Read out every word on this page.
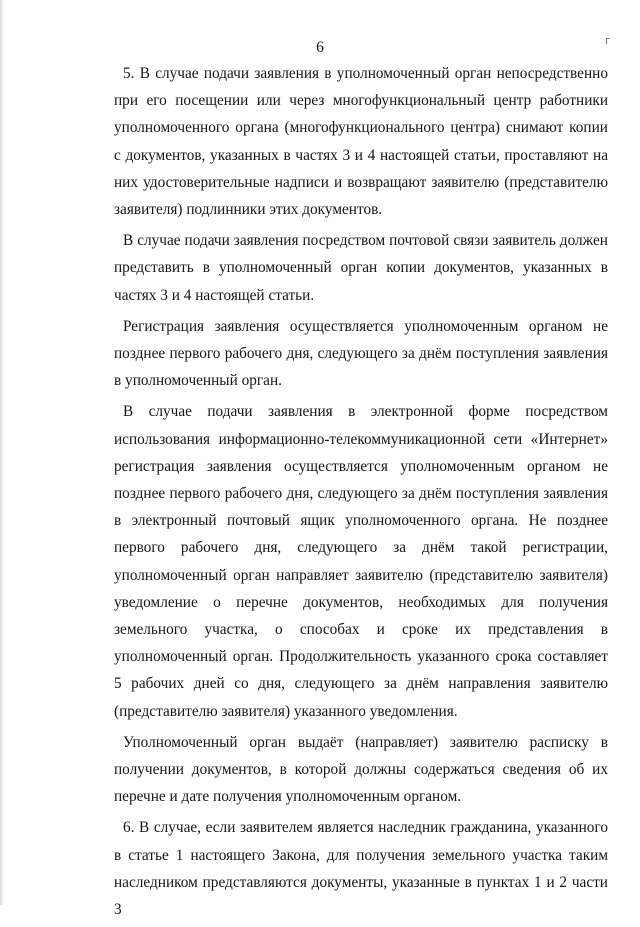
6

5. В случае подачи заявления в уполномоченный орган непосредственно при его посещении или через многофункциональный центр работники уполномоченного органа (многофункционального центра) снимают копии с документов, указанных в частях 3 и 4 настоящей статьи, проставляют на них удостоверительные надписи и возвращают заявителю (представителю заявителя) подлинники этих документов.

В случае подачи заявления посредством почтовой связи заявитель должен представить в уполномоченный орган копии документов, указанных в частях 3 и 4 настоящей статьи.

Регистрация заявления осуществляется уполномоченным органом не позднее первого рабочего дня, следующего за днём поступления заявления в уполномоченный орган.

В случае подачи заявления в электронной форме посредством использования информационно-телекоммуникационной сети «Интернет» регистрация заявления осуществляется уполномоченным органом не позднее первого рабочего дня, следующего за днём поступления заявления в электронный почтовый ящик уполномоченного органа. Не позднее первого рабочего дня, следующего за днём такой регистрации, уполномоченный орган направляет заявителю (представителю заявителя) уведомление о перечне документов, необходимых для получения земельного участка, о способах и сроке их представления в уполномоченный орган. Продолжительность указанного срока составляет 5 рабочих дней со дня, следующего за днём направления заявителю (представителю заявителя) указанного уведомления.

Уполномоченный орган выдаёт (направляет) заявителю расписку в получении документов, в которой должны содержаться сведения об их перечне и дате получения уполномоченным органом.

6. В случае, если заявителем является наследник гражданина, указанного в статье 1 настоящего Закона, для получения земельного участка таким наследником представляются документы, указанные в пунктах 1 и 2 части 3
